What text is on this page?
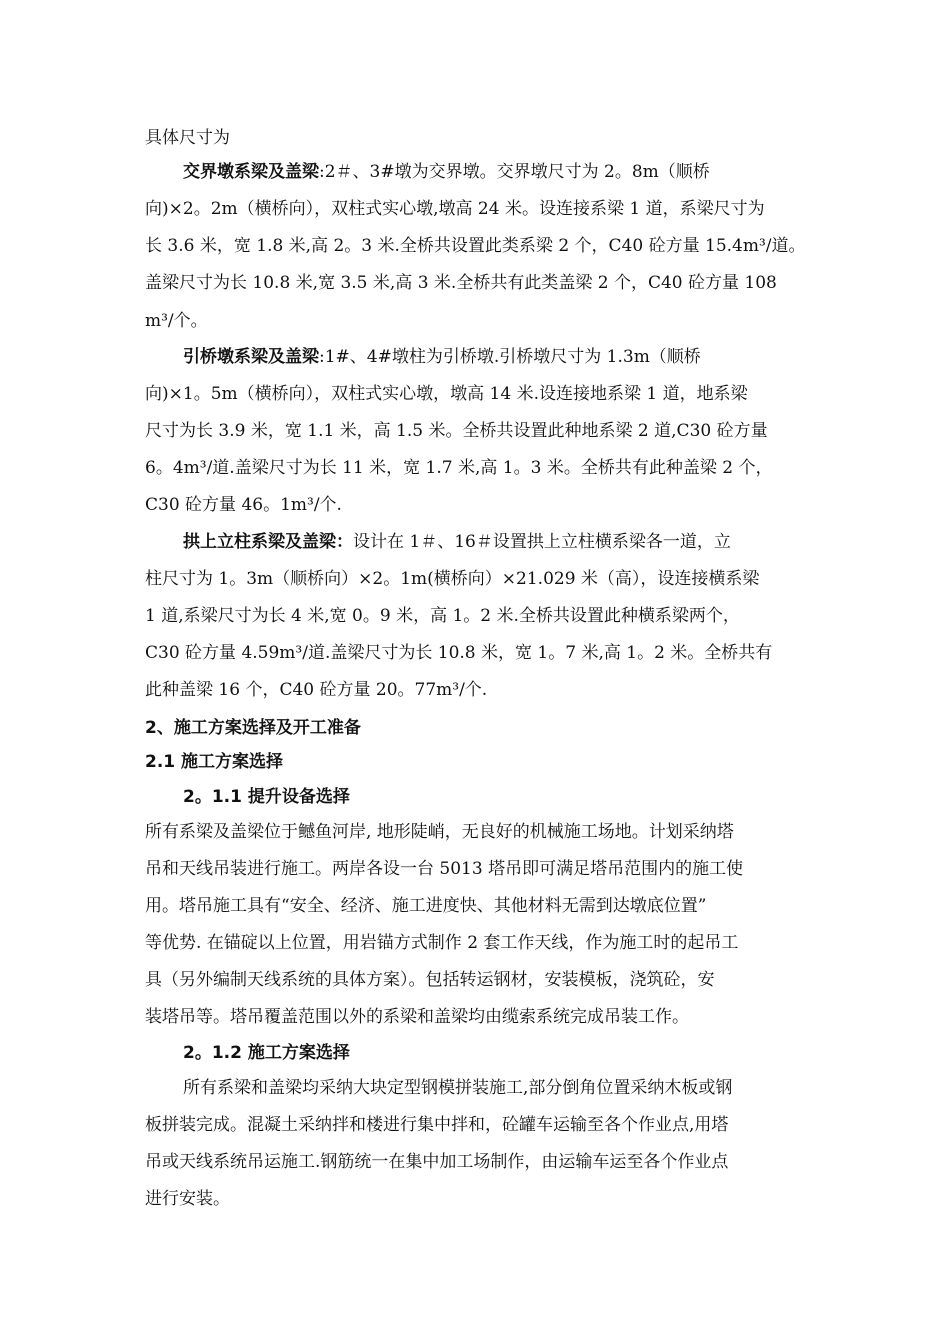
具体尺寸为
交界墩系梁及盖梁:2＃、3#墩为交界墩。交界墩尺寸为 2。8m（顺桥
向)×2。2m（横桥向），双柱式实心墩,墩高 24 米。设连接系梁 1 道，系梁尺寸为
长 3.6 米，宽 1.8 米,高 2。3 米.全桥共设置此类系梁 2 个，C40 砼方量 15.4m³/道。
盖梁尺寸为长 10.8 米,宽 3.5 米,高 3 米.全桥共有此类盖梁 2 个，C40 砼方量 108
m³/个。
引桥墩系梁及盖梁:1#、4#墩柱为引桥墩.引桥墩尺寸为 1.3m（顺桥
向)×1。5m（横桥向），双柱式实心墩，墩高 14 米.设连接地系梁 1 道，地系梁
尺寸为长 3.9 米，宽 1.1 米，高 1.5 米。全桥共设置此种地系梁 2 道,C30 砼方量
6。4m³/道.盖梁尺寸为长 11 米，宽 1.7 米,高 1。3 米。全桥共有此种盖梁 2 个，
C30 砼方量 46。1m³/个.
拱上立柱系梁及盖梁：设计在 1＃、16＃设置拱上立柱横系梁各一道，立
柱尺寸为 1。3m（顺桥向）×2。1m(横桥向）×21.029 米（高），设连接横系梁
1 道,系梁尺寸为长 4 米,宽 0。9 米，高 1。2 米.全桥共设置此种横系梁两个，
C30 砼方量 4.59m³/道.盖梁尺寸为长 10.8 米，宽 1。7 米,高 1。2 米。全桥共有
此种盖梁 16 个，C40 砼方量 20。77m³/个.
2、施工方案选择及开工准备
2.1 施工方案选择
2。1.1 提升设备选择
所有系梁及盖梁位于鳡鱼河岸, 地形陡峭，无良好的机械施工场地。计划采纳塔
吊和天线吊装进行施工。两岸各设一台 5013 塔吊即可满足塔吊范围内的施工使
用。塔吊施工具有“安全、经济、施工进度快、其他材料无需到达墩底位置”
等优势. 在锚碇以上位置，用岩锚方式制作 2 套工作天线，作为施工时的起吊工
具（另外编制天线系统的具体方案）。包括转运钢材，安装模板，浇筑砼，安
装塔吊等。塔吊覆盖范围以外的系梁和盖梁均由缆索系统完成吊装工作。
2。1.2 施工方案选择
所有系梁和盖梁均采纳大块定型钢模拼装施工,部分倒角位置采纳木板或钢
板拼装完成。混凝土采纳拌和楼进行集中拌和，砼罐车运输至各个作业点,用塔
吊或天线系统吊运施工.钢筋统一在集中加工场制作，由运输车运至各个作业点
进行安装。
